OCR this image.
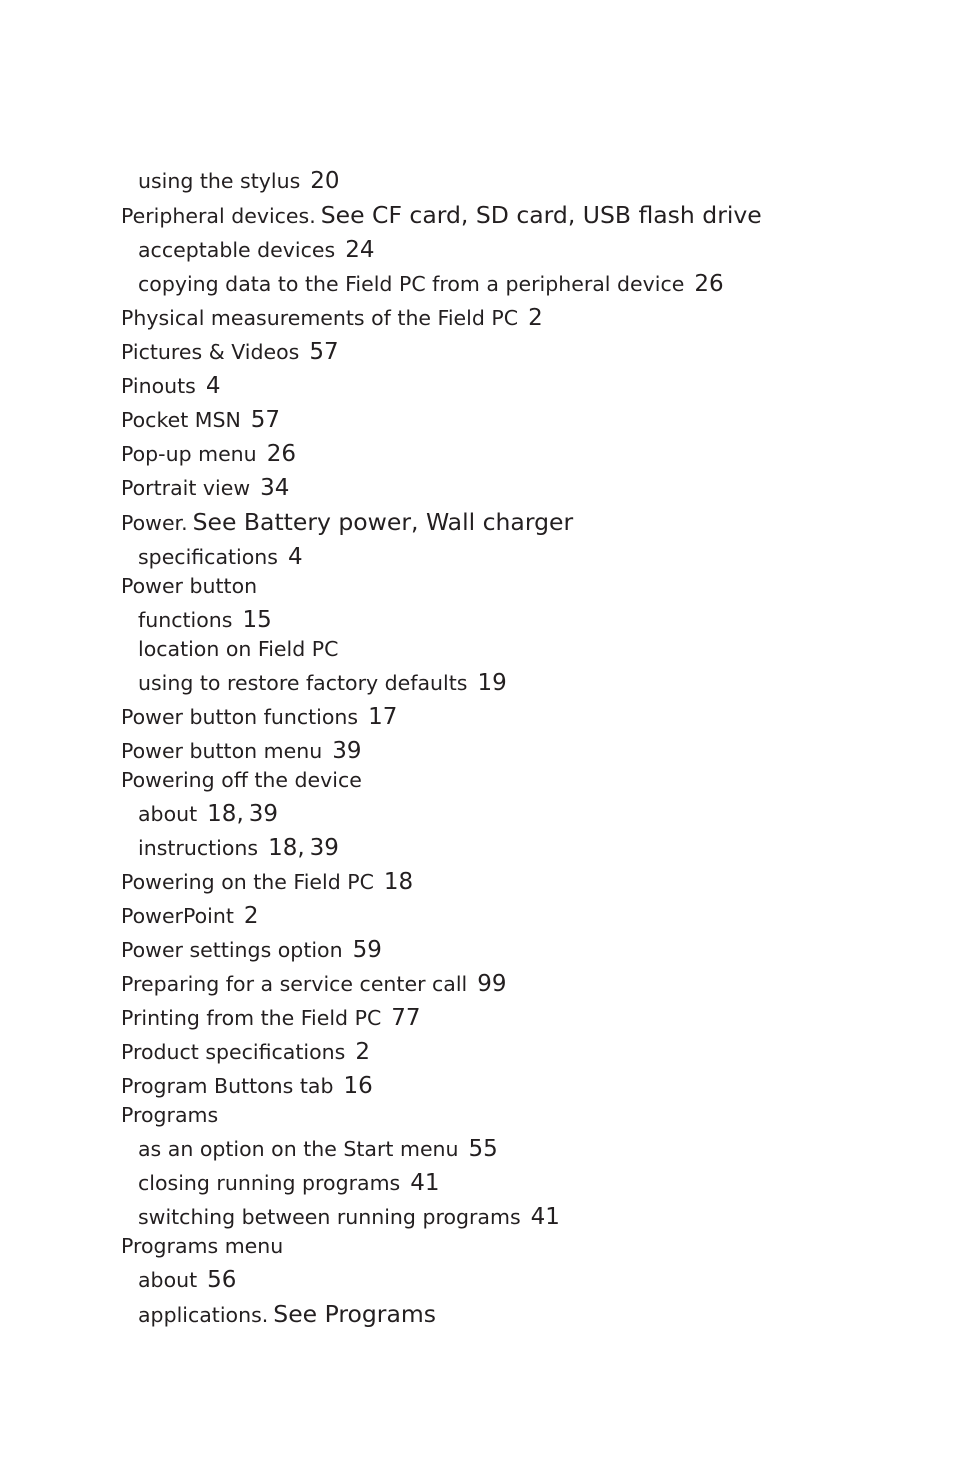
using the stylus 20
Peripheral devices. See CF card, SD card, USB flash drive
acceptable devices 24
copying data to the Field PC from a peripheral device 26
Physical measurements of the Field PC 2
Pictures & Videos 57
Pinouts 4
Pocket MSN 57
Pop-up menu 26
Portrait view 34
Power. See Battery power, Wall charger
specifications 4
Power button
functions 15
location on Field PC
using to restore factory defaults 19
Power button functions 17
Power button menu 39
Powering off the device
about 18, 39
instructions 18, 39
Powering on the Field PC 18
PowerPoint 2
Power settings option 59
Preparing for a service center call 99
Printing from the Field PC 77
Product specifications 2
Program Buttons tab 16
Programs
as an option on the Start menu 55
closing running programs 41
switching between running programs 41
Programs menu
about 56
applications. See Programs
